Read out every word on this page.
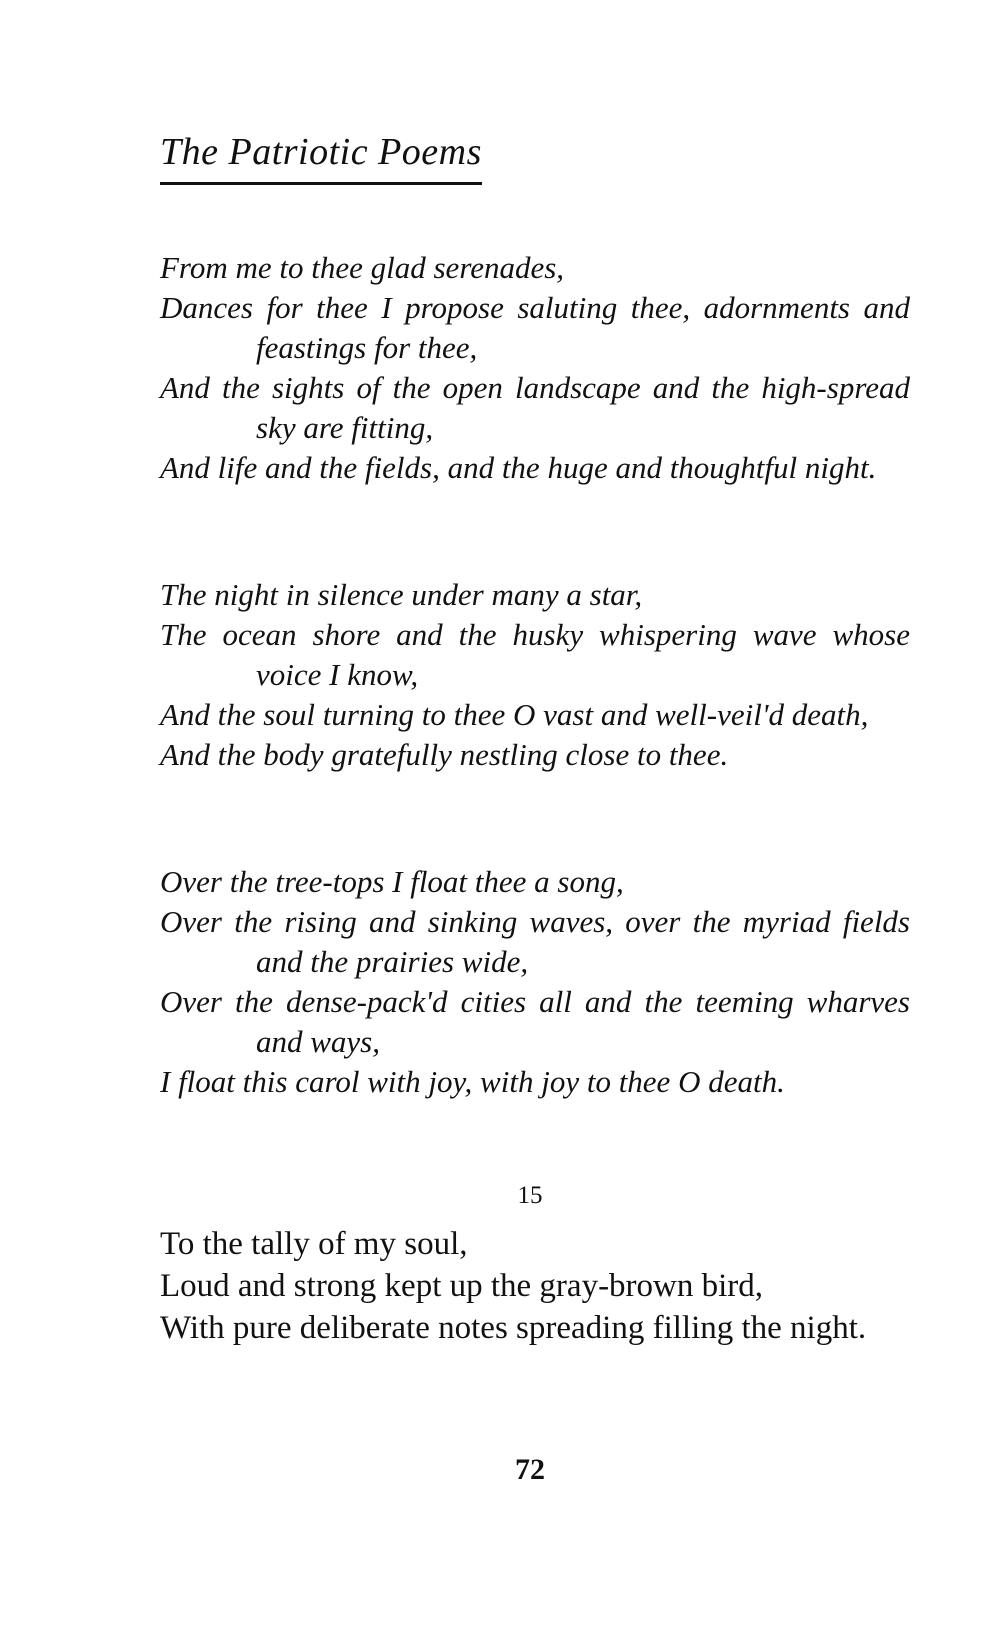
The Patriotic Poems
From me to thee glad serenades,
Dances for thee I propose saluting thee, adornments and feastings for thee,
And the sights of the open landscape and the high-spread sky are fitting,
And life and the fields, and the huge and thoughtful night.
The night in silence under many a star,
The ocean shore and the husky whispering wave whose voice I know,
And the soul turning to thee O vast and well-veil'd death,
And the body gratefully nestling close to thee.
Over the tree-tops I float thee a song,
Over the rising and sinking waves, over the myriad fields and the prairies wide,
Over the dense-pack'd cities all and the teeming wharves and ways,
I float this carol with joy, with joy to thee O death.
15
To the tally of my soul,
Loud and strong kept up the gray-brown bird,
With pure deliberate notes spreading filling the night.
72
